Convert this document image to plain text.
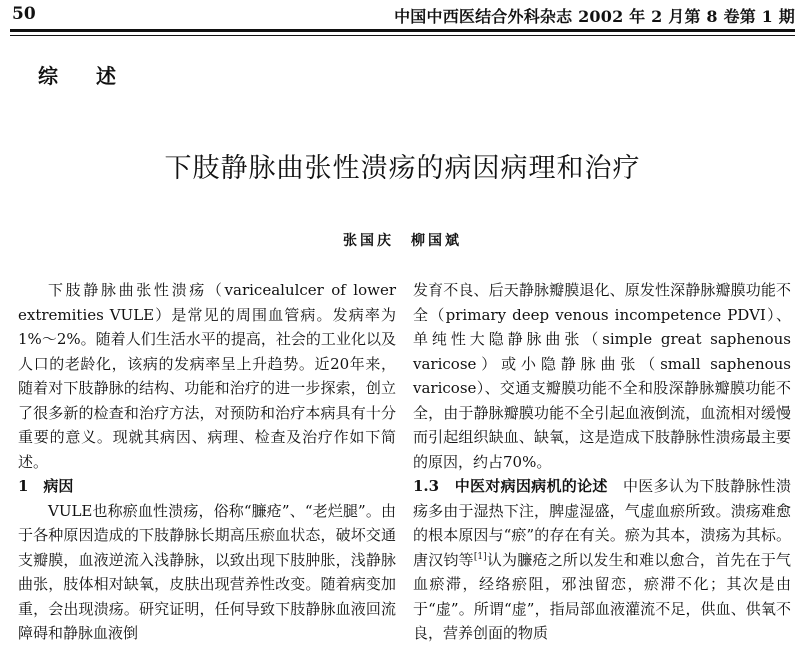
50	中国中西医结合外科杂志 2002 年 2 月第 8 卷第 1 期
综述
下肢静脉曲张性溃疡的病因病理和治疗
张国庆　柳国斌

下肢静脉曲张性溃疡（varicealulcer of lower extremities VULE）是常见的周围血管病。发病率为1%～2%。随着人们生活水平的提高，社会的工业化以及人口的老龄化，该病的发病率呈上升趋势。近20年来，随着对下肢静脉的结构、功能和治疗的进一步探索，创立了很多新的检查和治疗方法，对预防和治疗本病具有十分重要的意义。现就其病因、病理、检查及治疗作如下简述。

1　病因

VULE也称瘀血性溃疡，俗称“臁疮”、“老烂腿”。由于各种原因造成的下肢静脉长期高压瘀血状态，破坏交通支瓣膜，血液逆流入浅静脉，以致出现下肢肿胀，浅静脉曲张，肢体相对缺氧，皮肤出现营养性改变。随着病变加重，会出现溃疡。研究证明，任何导致下肢静脉血液回流障碍和静脉血液倒

发育不良、后天静脉瓣膜退化、原发性深静脉瓣膜功能不全（primary deep venous incompetence PDVI）、单纯性大隐静脉曲张（simple great saphenous varicose）或小隐静脉曲张（small saphenous varicose）、交通支瓣膜功能不全和股深静脉瓣膜功能不全，由于静脉瓣膜功能不全引起血液倒流，血流相对缓慢而引起组织缺血、缺氧，这是造成下肢静脉性溃疡最主要的原因，约占70%。

1.3　中医对病因病机的论述　 中医多认为下肢静脉性溃疡多由于湿热下注，脾虚湿盛，气虚血瘀所致。溃疡难愈的根本原因与“瘀”的存在有关。瘀为其本，溃疡为其标。唐汉钧等[1]认为臁疮之所以发生和难以愈合，首先在于气血瘀滞，经络瘀阻，邪浊留恋，瘀滞不化；其次是由于“虚”。所谓“虚”，指局部血液灌流不足，供血、供氧不良，营养创面的物质
